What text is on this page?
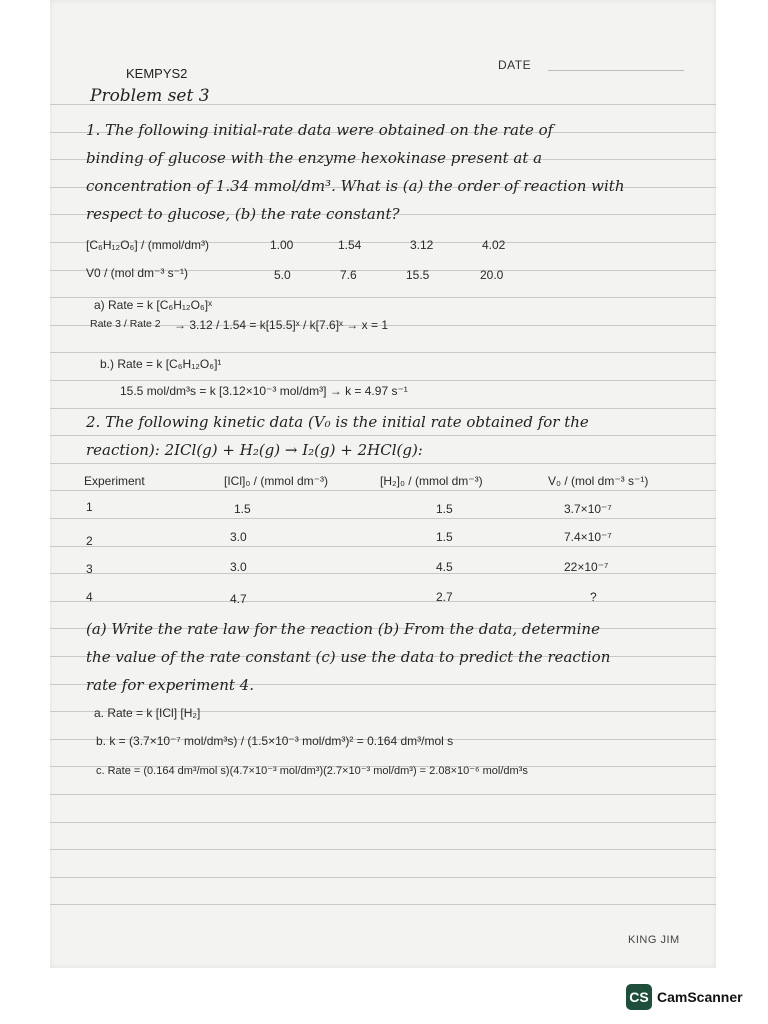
DATE
KEMPYS2
Problem set 3
1. The following initial-rate data were obtained on the rate of
binding of glucose with the enzyme hexokinase present at a
concentration of 1.34 mmol/dm³. What is (a) the order of reaction with
respect to glucose, (b) the rate constant?
[C₆H₁₂O₆] / (mmol/dm³)	1.00	1.54	3.12	4.02
V0 / (mol dm⁻³ s⁻¹)	5.0	7.6	15.5	20.0
a) Rate = k [C₆H₁₂O₆]ˣ
Rate 3 / Rate 2 → 3.12 / 1.54 = k[15.5]ˣ / k[7.6]ˣ → x = 1
b.) Rate = k [C₆H₁₂O₆]¹
15.5 mol/dm³s = k [3.12×10⁻³ mol/dm³] → k = 4.97 s⁻¹
2. The following kinetic data (V₀ is the initial rate obtained for the
reaction): 2ICl(g) + H₂(g) → I₂(g) + 2HCl(g):
Experiment	[ICl]₀ / (mmol dm⁻³)	[H₂]₀ / (mmol dm⁻³)	V₀ / (mol dm⁻³ s⁻¹)
1	1.5	1.5	3.7×10⁻⁷
2	3.0	1.5	7.4×10⁻⁷
3	3.0	4.5	22×10⁻⁷
4	4.7	2.7	?
(a) Write the rate law for the reaction (b) From the data, determine
the value of the rate constant (c) use the data to predict the reaction
rate for experiment 4.
a. Rate = k [ICl] [H₂]
b. k = (3.7×10⁻⁷ mol/dm³s) / (1.5×10⁻³ mol/dm³)² = 0.164 dm³/mol s
c. Rate = (0.164 dm³/mol s)(4.7×10⁻³ mol/dm³)(2.7×10⁻³ mol/dm³) = 2.08×10⁻⁶ mol/dm³s
KING JIM
CS CamScanner
